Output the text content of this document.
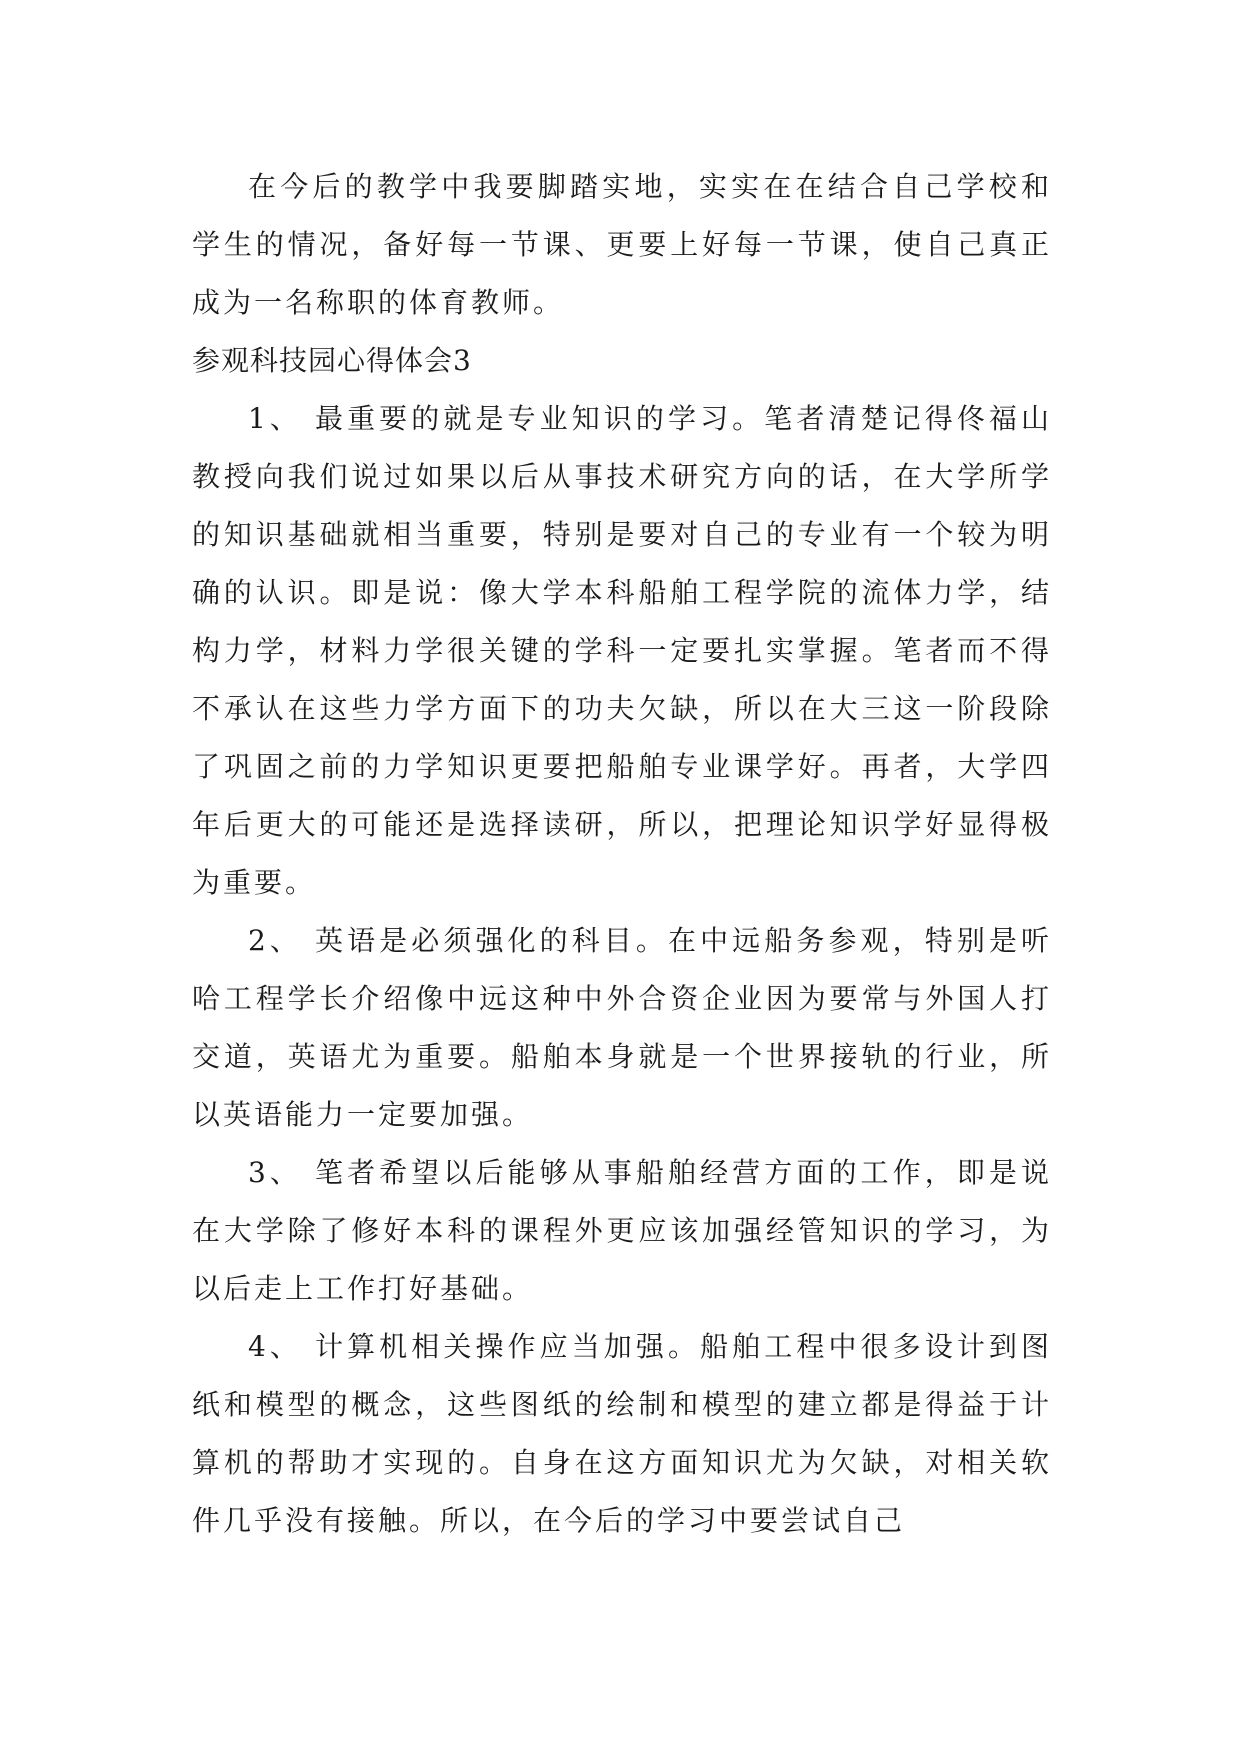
在今后的教学中我要脚踏实地，实实在在结合自己学校和学生的情况，备好每一节课、更要上好每一节课，使自己真正成为一名称职的体育教师。

参观科技园心得体会3

1、 最重要的就是专业知识的学习。笔者清楚记得佟福山教授向我们说过如果以后从事技术研究方向的话，在大学所学的知识基础就相当重要，特别是要对自己的专业有一个较为明确的认识。即是说：像大学本科船舶工程学院的流体力学，结构力学，材料力学很关键的学科一定要扎实掌握。笔者而不得不承认在这些力学方面下的功夫欠缺，所以在大三这一阶段除了巩固之前的力学知识更要把船舶专业课学好。再者，大学四年后更大的可能还是选择读研，所以，把理论知识学好显得极为重要。

2、 英语是必须强化的科目。在中远船务参观，特别是听哈工程学长介绍像中远这种中外合资企业因为要常与外国人打交道，英语尤为重要。船舶本身就是一个世界接轨的行业，所以英语能力一定要加强。

3、 笔者希望以后能够从事船舶经营方面的工作，即是说在大学除了修好本科的课程外更应该加强经管知识的学习，为以后走上工作打好基础。

4、 计算机相关操作应当加强。船舶工程中很多设计到图纸和模型的概念，这些图纸的绘制和模型的建立都是得益于计算机的帮助才实现的。自身在这方面知识尤为欠缺，对相关软件几乎没有接触。所以，在今后的学习中要尝试自己
